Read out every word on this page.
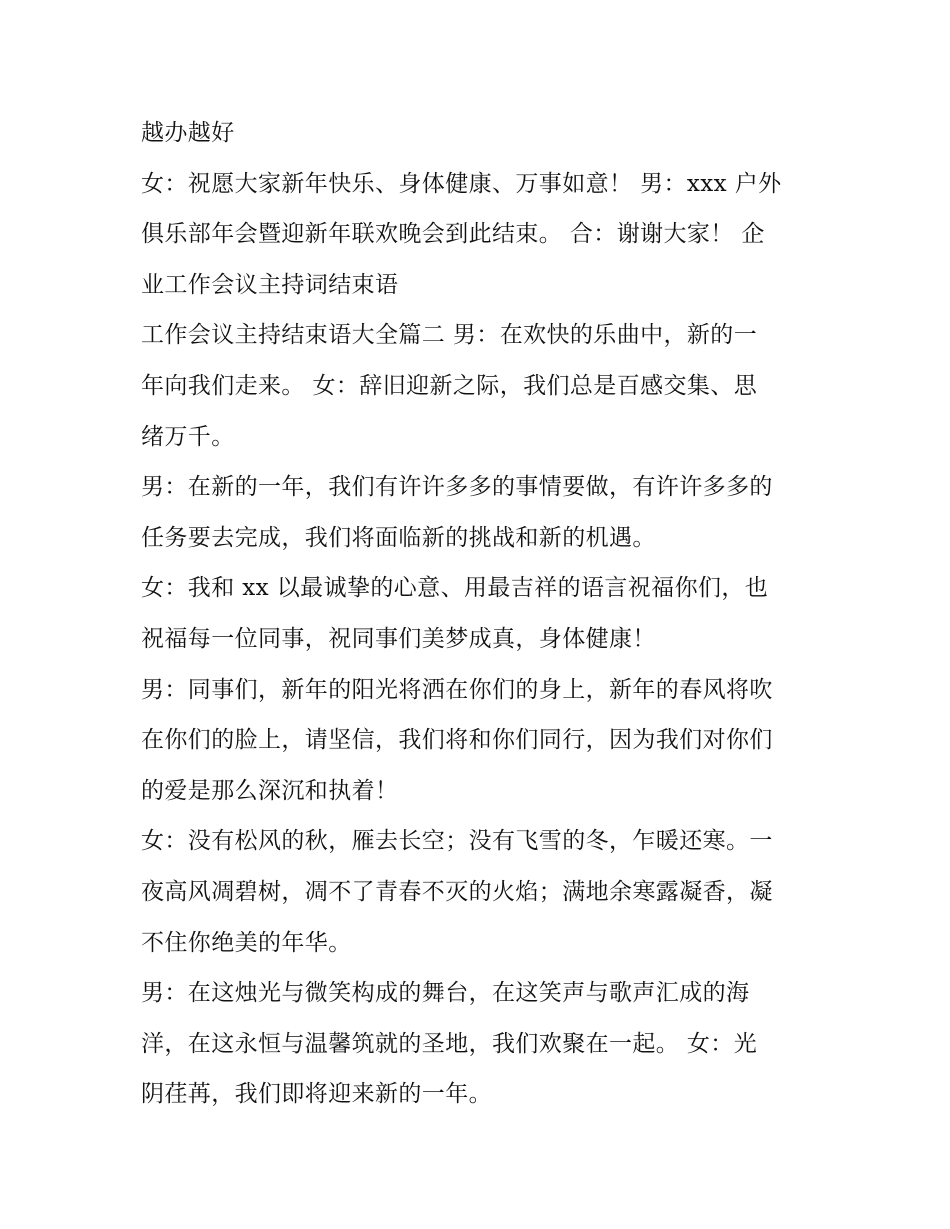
越办越好
女：祝愿大家新年快乐、身体健康、万事如意！ 男：xxx 户外
俱乐部年会暨迎新年联欢晚会到此结束。 合：谢谢大家！ 企
业工作会议主持词结束语
工作会议主持结束语大全篇二 男：在欢快的乐曲中，新的一
年向我们走来。 女：辞旧迎新之际，我们总是百感交集、思
绪万千。
男：在新的一年，我们有许许多多的事情要做，有许许多多的
任务要去完成，我们将面临新的挑战和新的机遇。
女：我和 xx 以最诚挚的心意、用最吉祥的语言祝福你们，也
祝福每一位同事，祝同事们美梦成真，身体健康！
男：同事们，新年的阳光将洒在你们的身上，新年的春风将吹
在你们的脸上，请坚信，我们将和你们同行，因为我们对你们
的爱是那么深沉和执着！
女：没有松风的秋，雁去长空；没有飞雪的冬，乍暖还寒。一
夜高风凋碧树，凋不了青春不灭的火焰；满地余寒露凝香，凝
不住你绝美的年华。
男：在这烛光与微笑构成的舞台，在这笑声与歌声汇成的海
洋，在这永恒与温馨筑就的圣地，我们欢聚在一起。 女：光
阴荏苒，我们即将迎来新的一年。
